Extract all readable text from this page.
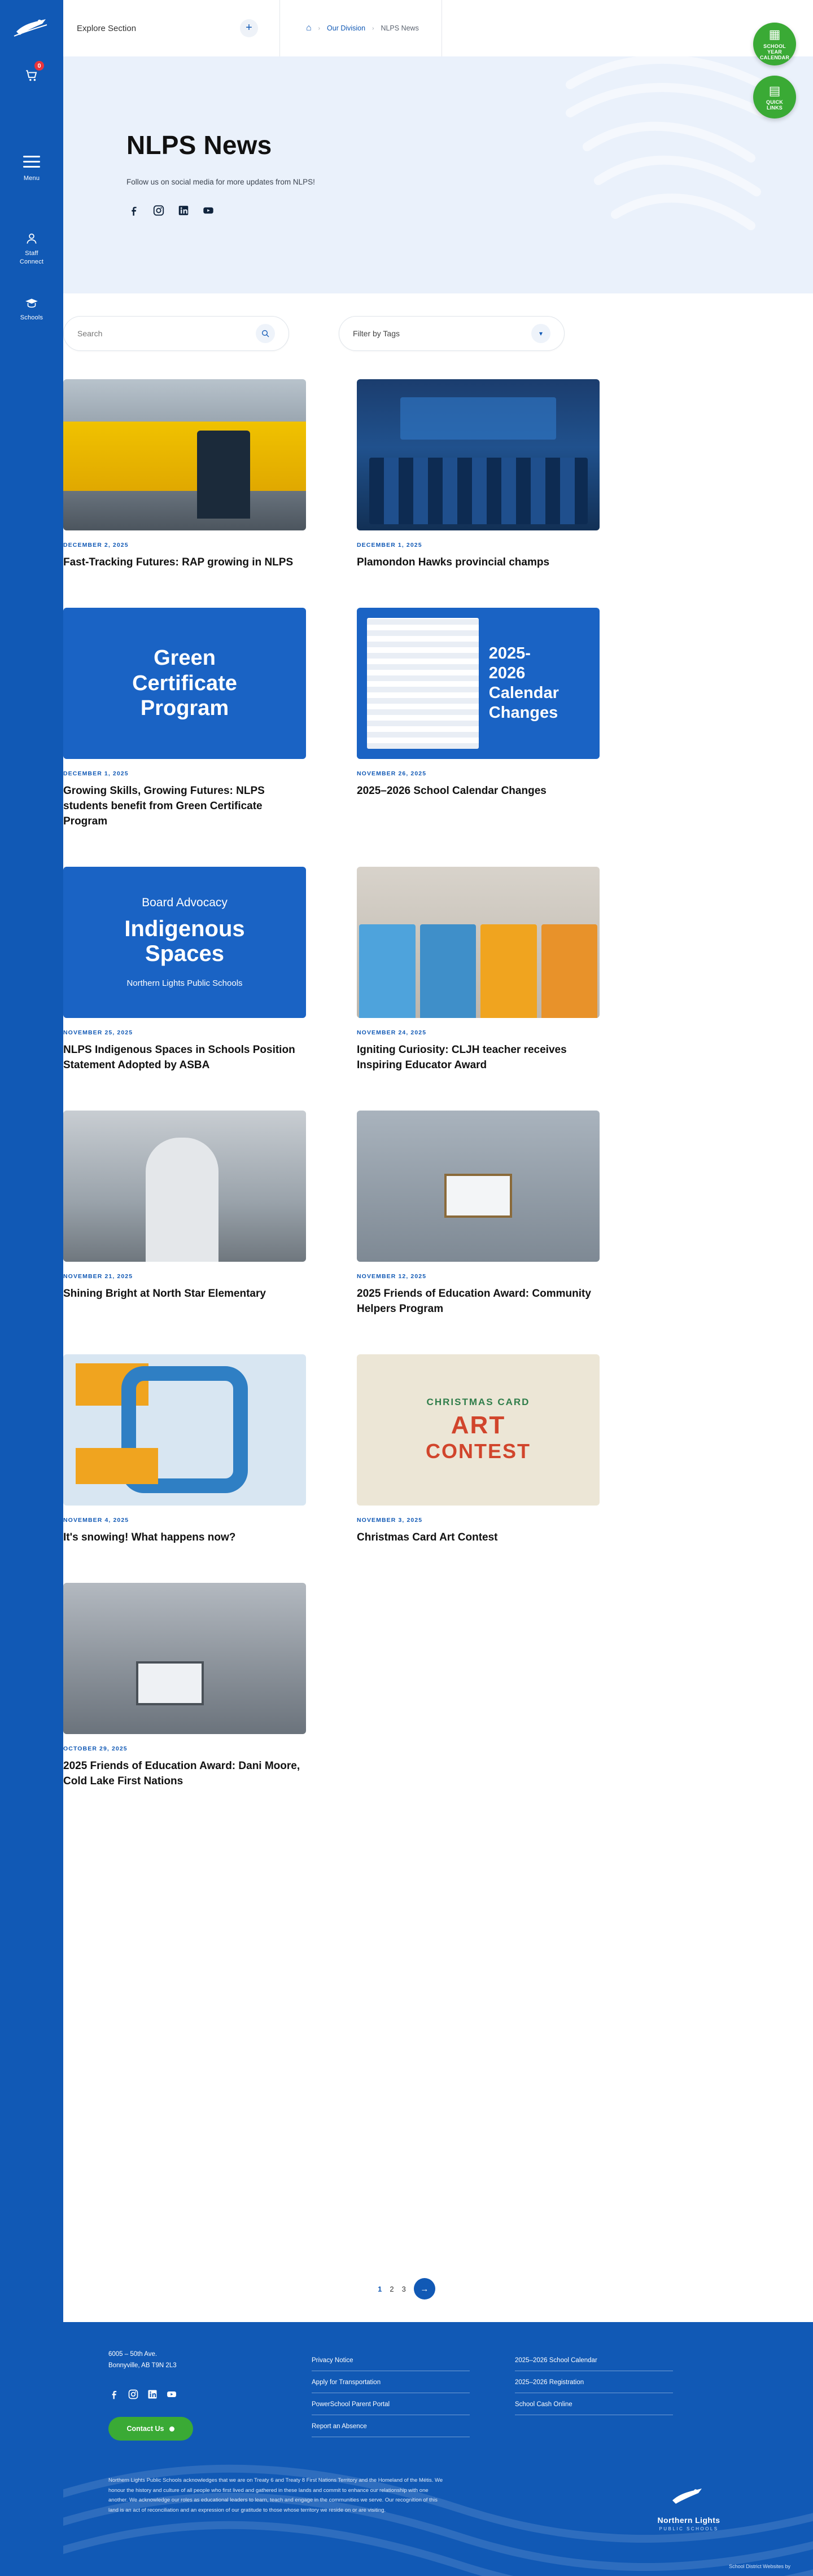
0
Menu
Staff
Connect
Schools
NLPS News

Follow us on social media for more updates from NLPS!

Explore Section	+	⌂ › Our Division › NLPS News	▦
SCHOOL
YEAR CALENDAR
▤
QUICK
LINKS
Search
Filter by Tags	▾
DECEMBER 2, 2025
Fast-Tracking Futures: RAP growing in NLPS
DECEMBER 1, 2025
Plamondon Hawks provincial champs
Green
Certificate
Program
DECEMBER 1, 2025
Growing Skills, Growing Futures: NLPS students benefit from Green Certificate Program
2025-
2026
Calendar
Changes
NOVEMBER 26, 2025
2025–2026 School Calendar Changes
Board Advocacy
Indigenous
Spaces
Northern Lights Public Schools
NOVEMBER 25, 2025
NLPS Indigenous Spaces in Schools Position Statement Adopted by ASBA
NOVEMBER 24, 2025
Igniting Curiosity: CLJH teacher receives Inspiring Educator Award
NOVEMBER 21, 2025
Shining Bright at North Star Elementary
NOVEMBER 12, 2025
2025 Friends of Education Award: Community Helpers Program
NOVEMBER 4, 2025
It's snowing! What happens now?
CHRISTMAS CARD
ART
CONTEST
NOVEMBER 3, 2025
Christmas Card Art Contest
OCTOBER 29, 2025
2025 Friends of Education Award: Dani Moore, Cold Lake First Nations
1 2 3	→
6005 – 50th Ave.
Bonnyville, AB T9N 2L3
Contact Us
Privacy Notice	2025–2026 School Calendar
Apply for Transportation	2025–2026 Registration
PowerSchool Parent Portal	School Cash Online
Report an Absence
Northern Lights Public Schools acknowledges that we are on Treaty 6 and Treaty 8 First Nations Territory and the Homeland of the Métis. We honour the history and culture of all people who first lived and gathered in these lands and commit to enhance our relationship with one another. We acknowledge our roles as educational leaders to learn, teach and engage in the communities we serve. Our recognition of this land is an act of reconciliation and an expression of our gratitude to those whose territory we reside on or are visiting.
Northern Lights
PUBLIC SCHOOLS
School District Websites by
